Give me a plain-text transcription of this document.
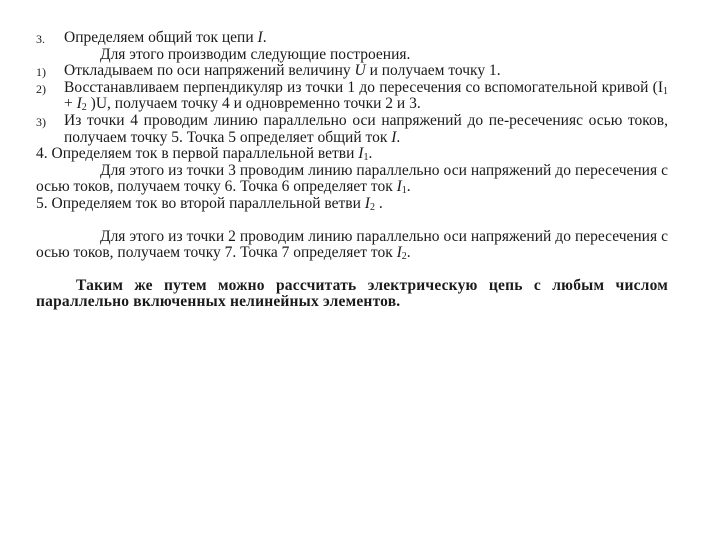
3. Определяем общий ток цепи I.

Для этого производим следующие построения.

1) Откладываем по оси напряжений величину U и получаем точку 1.

2) Восстанавливаем перпендикуляр из точки 1 до пересечения со вспомогательной кривой ($I_1 + I_2$ )U, получаем точку 4 и одновременно точки 2 и 3.

3) Из точки 4 проводим линию параллельно оси напряжений до пе-ресеченияс осью токов, получаем точку 5. Точка 5 определяет общий ток I.

4. Определяем ток в первой параллельной ветви $I_1$.

Для этого из точки 3 проводим линию параллельно оси напряжений до пересечения с осью токов, получаем точку 6. Точка 6 определяет ток $I_1$.

5. Определяем ток во второй параллельной ветви $I_2$ .

Для этого из точки 2 проводим линию параллельно оси напряжений до пересечения с осью токов, получаем точку 7. Точка 7 определяет ток $I_2$.

Таким же путем можно рассчитать электрическую цепь с любым числом параллельно включенных нелинейных элементов.
